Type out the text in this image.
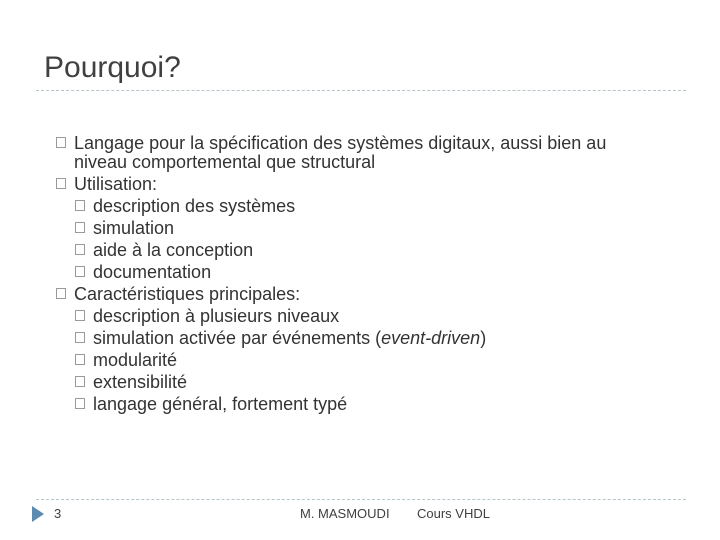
Pourquoi?
Langage pour la spécification des systèmes digitaux, aussi bien au
niveau comportemental que structural
Utilisation:
description des systèmes
simulation
aide à la conception
documentation
Caractéristiques principales:
description à plusieurs niveaux
simulation activée par événements (event-driven)
modularité
extensibilité
langage général, fortement typé
3	M. MASMOUDI Cours VHDL
